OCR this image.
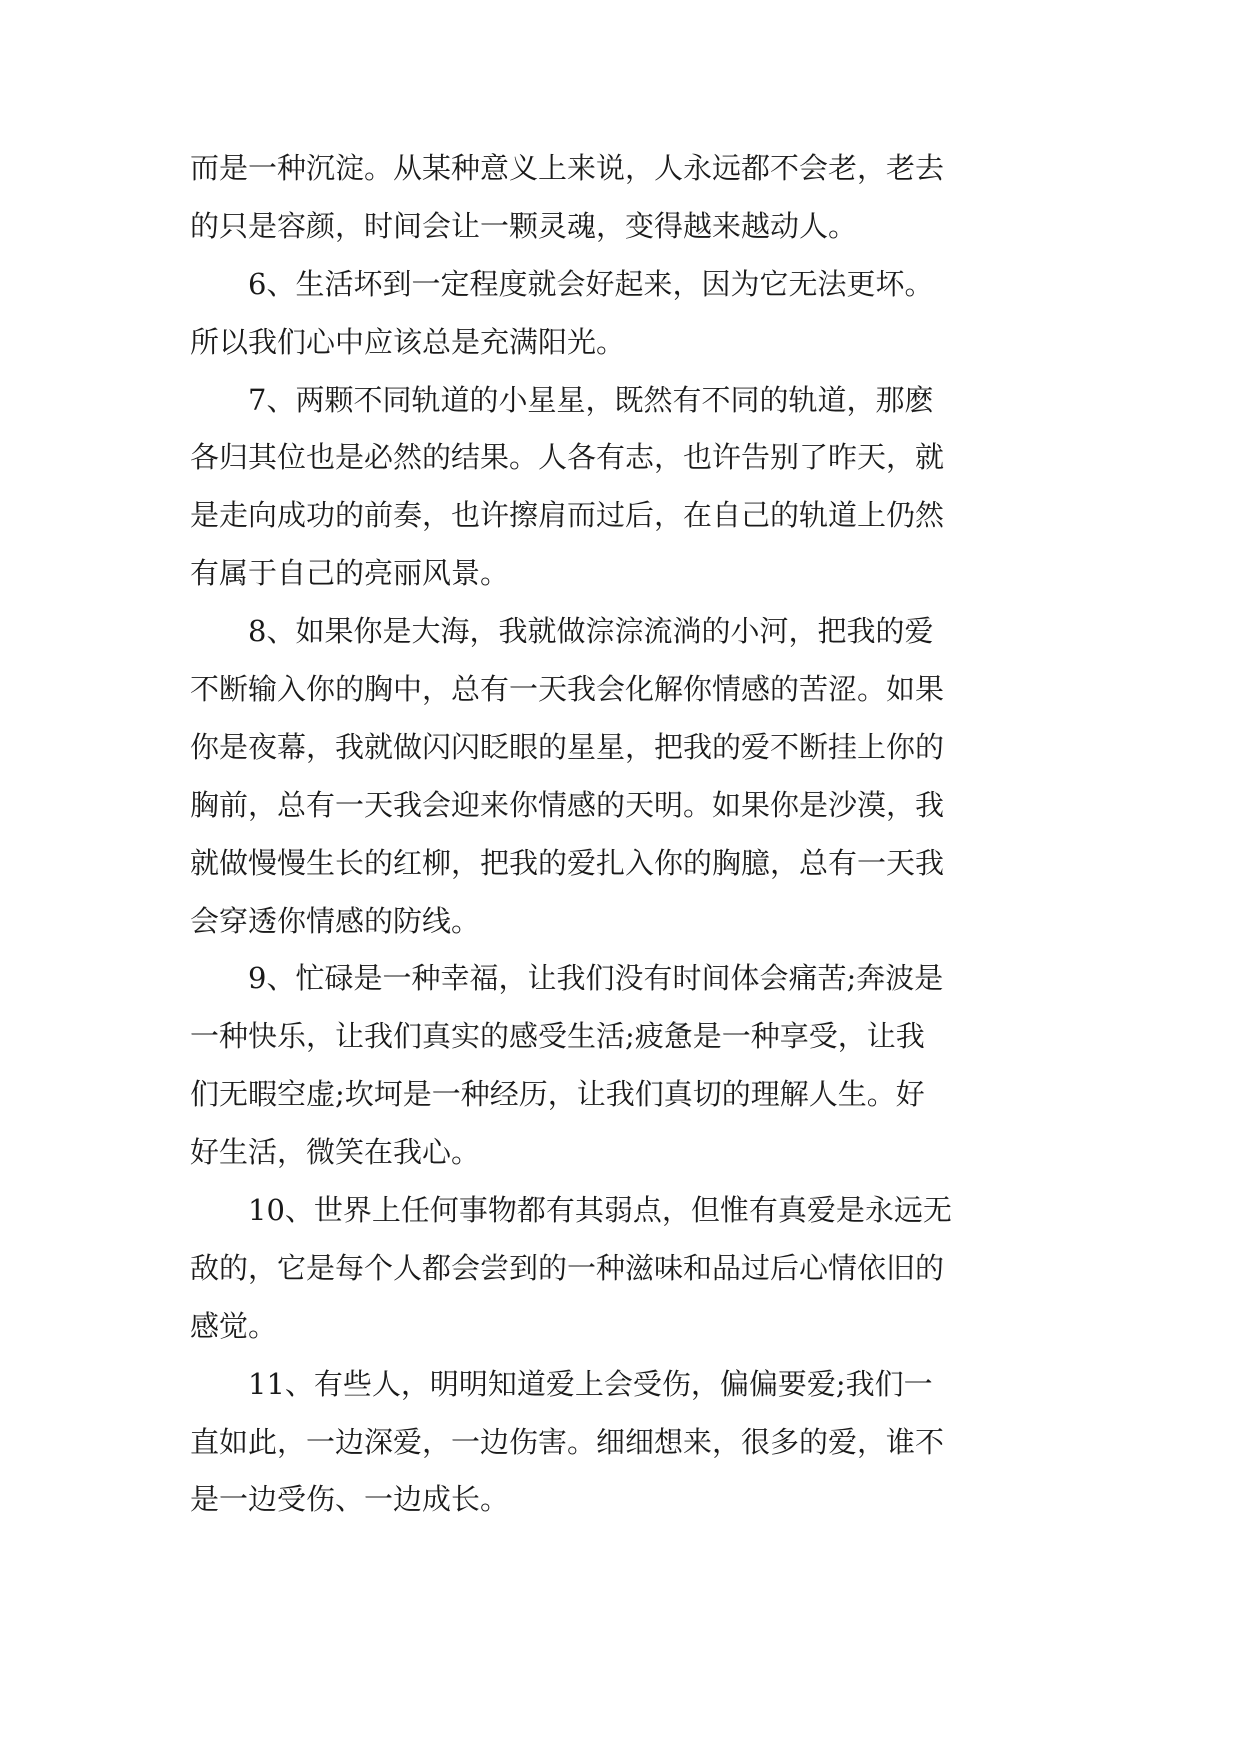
而是一种沉淀。从某种意义上来说，人永远都不会老，老去
的只是容颜，时间会让一颗灵魂，变得越来越动人。
6、生活坏到一定程度就会好起来，因为它无法更坏。
所以我们心中应该总是充满阳光。
7、两颗不同轨道的小星星，既然有不同的轨道，那麽
各归其位也是必然的结果。人各有志，也许告别了昨天，就
是走向成功的前奏，也许擦肩而过后，在自己的轨道上仍然
有属于自己的亮丽风景。
8、如果你是大海，我就做淙淙流淌的小河，把我的爱
不断输入你的胸中，总有一天我会化解你情感的苦涩。如果
你是夜幕，我就做闪闪眨眼的星星，把我的爱不断挂上你的
胸前，总有一天我会迎来你情感的天明。如果你是沙漠，我
就做慢慢生长的红柳，把我的爱扎入你的胸臆，总有一天我
会穿透你情感的防线。
9、忙碌是一种幸福，让我们没有时间体会痛苦;奔波是
一种快乐，让我们真实的感受生活;疲惫是一种享受，让我
们无暇空虚;坎坷是一种经历，让我们真切的理解人生。好
好生活，微笑在我心。
10、世界上任何事物都有其弱点，但惟有真爱是永远无
敌的，它是每个人都会尝到的一种滋味和品过后心情依旧的
感觉。
11、有些人，明明知道爱上会受伤，偏偏要爱;我们一
直如此，一边深爱，一边伤害。细细想来，很多的爱，谁不
是一边受伤、一边成长。
